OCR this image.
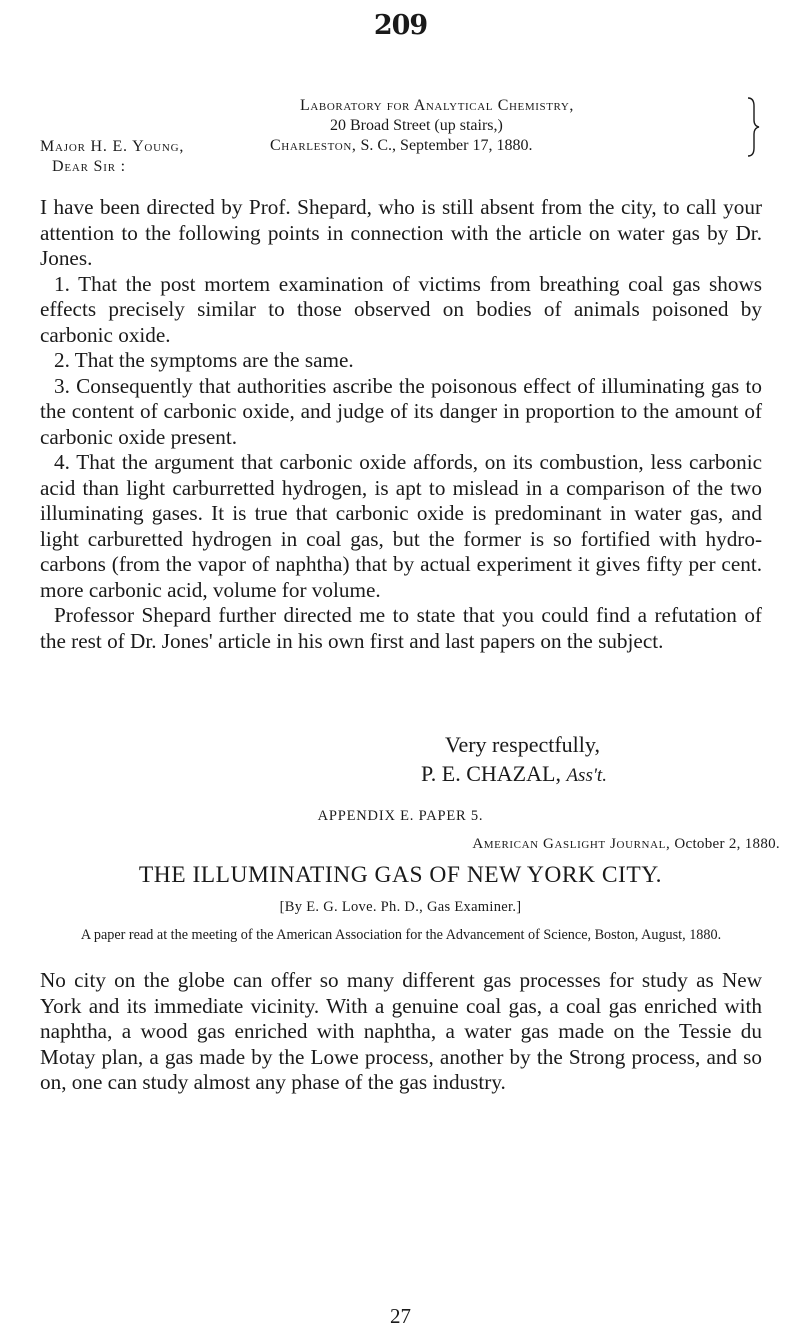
209
Laboratory for Analytical Chemistry,
20 Broad Street (up stairs,)
Charleston, S. C., September 17, 1880.
Major H. E. Young,
Dear Sir :

I have been directed by Prof. Shepard, who is still absent from the city, to call your attention to the following points in connection with the article on water gas by Dr. Jones.

1. That the post mortem examination of victims from breathing coal gas shows effects precisely similar to those observed on bodies of animals poisoned by carbonic oxide.

2. That the symptoms are the same.

3. Consequently that authorities ascribe the poisonous effect of illuminating gas to the content of carbonic oxide, and judge of its danger in proportion to the amount of carbonic oxide present.

4. That the argument that carbonic oxide affords, on its combustion, less carbonic acid than light carburretted hydrogen, is apt to mislead in a comparison of the two illuminating gases. It is true that carbonic oxide is predominant in water gas, and light carburetted hydrogen in coal gas, but the former is so fortified with hydro-carbons (from the vapor of naphtha) that by actual experiment it gives fifty per cent. more carbonic acid, volume for volume.

Professor Shepard further directed me to state that you could find a refutation of the rest of Dr. Jones' article in his own first and last papers on the subject.

Very respectfully,
P. E. CHAZAL, Ass't.
APPENDIX E. PAPER 5.
American Gaslight Journal, October 2, 1880.
THE ILLUMINATING GAS OF NEW YORK CITY.
[By E. G. Love. Ph. D., Gas Examiner.]
A paper read at the meeting of the American Association for the Advancement of Science, Boston, August, 1880.

No city on the globe can offer so many different gas processes for study as New York and its immediate vicinity. With a genuine coal gas, a coal gas enriched with naphtha, a wood gas enriched with naphtha, a water gas made on the Tessie du Motay plan, a gas made by the Lowe process, another by the Strong process, and so on, one can study almost any phase of the gas industry.

27
